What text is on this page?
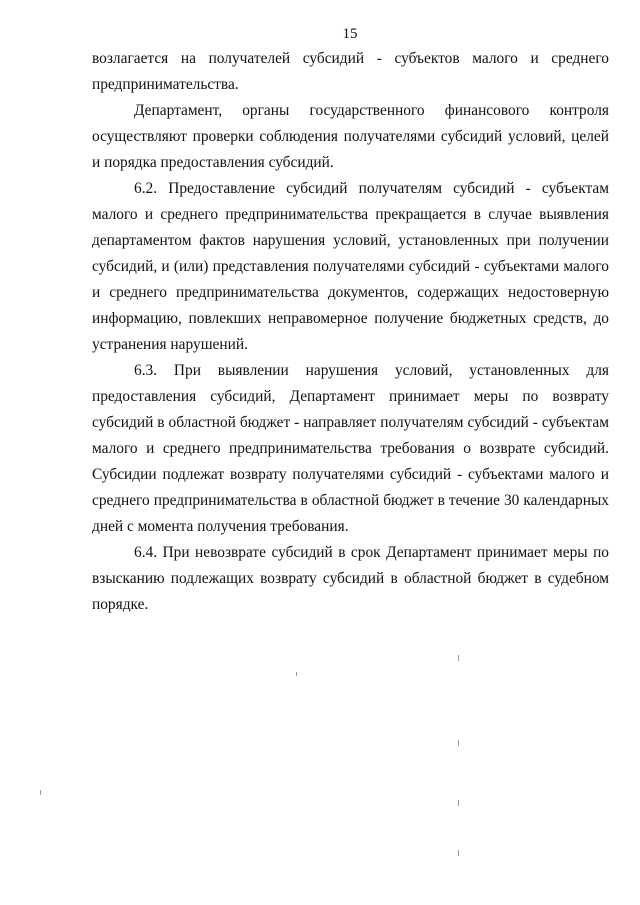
15

возлагается на получателей субсидий - субъектов малого и среднего предпринимательства.

Департамент, органы государственного финансового контроля осуществляют проверки соблюдения получателями субсидий условий, целей и порядка предоставления субсидий.

6.2. Предоставление субсидий получателям субсидий - субъектам малого и среднего предпринимательства прекращается в случае выявления департаментом фактов нарушения условий, установленных при получении субсидий, и (или) представления получателями субсидий - субъектами малого и среднего предпринимательства документов, содержащих недостоверную информацию, повлекших неправомерное получение бюджетных средств, до устранения нарушений.

6.3. При выявлении нарушения условий, установленных для предоставления субсидий, Департамент принимает меры по возврату субсидий в областной бюджет - направляет получателям субсидий - субъектам малого и среднего предпринимательства требования о возврате субсидий. Субсидии подлежат возврату получателями субсидий - субъектами малого и среднего предпринимательства в областной бюджет в течение 30 календарных дней с момента получения требования.

6.4. При невозврате субсидий в срок Департамент принимает меры по взысканию подлежащих возврату субсидий в областной бюджет в судебном порядке.
